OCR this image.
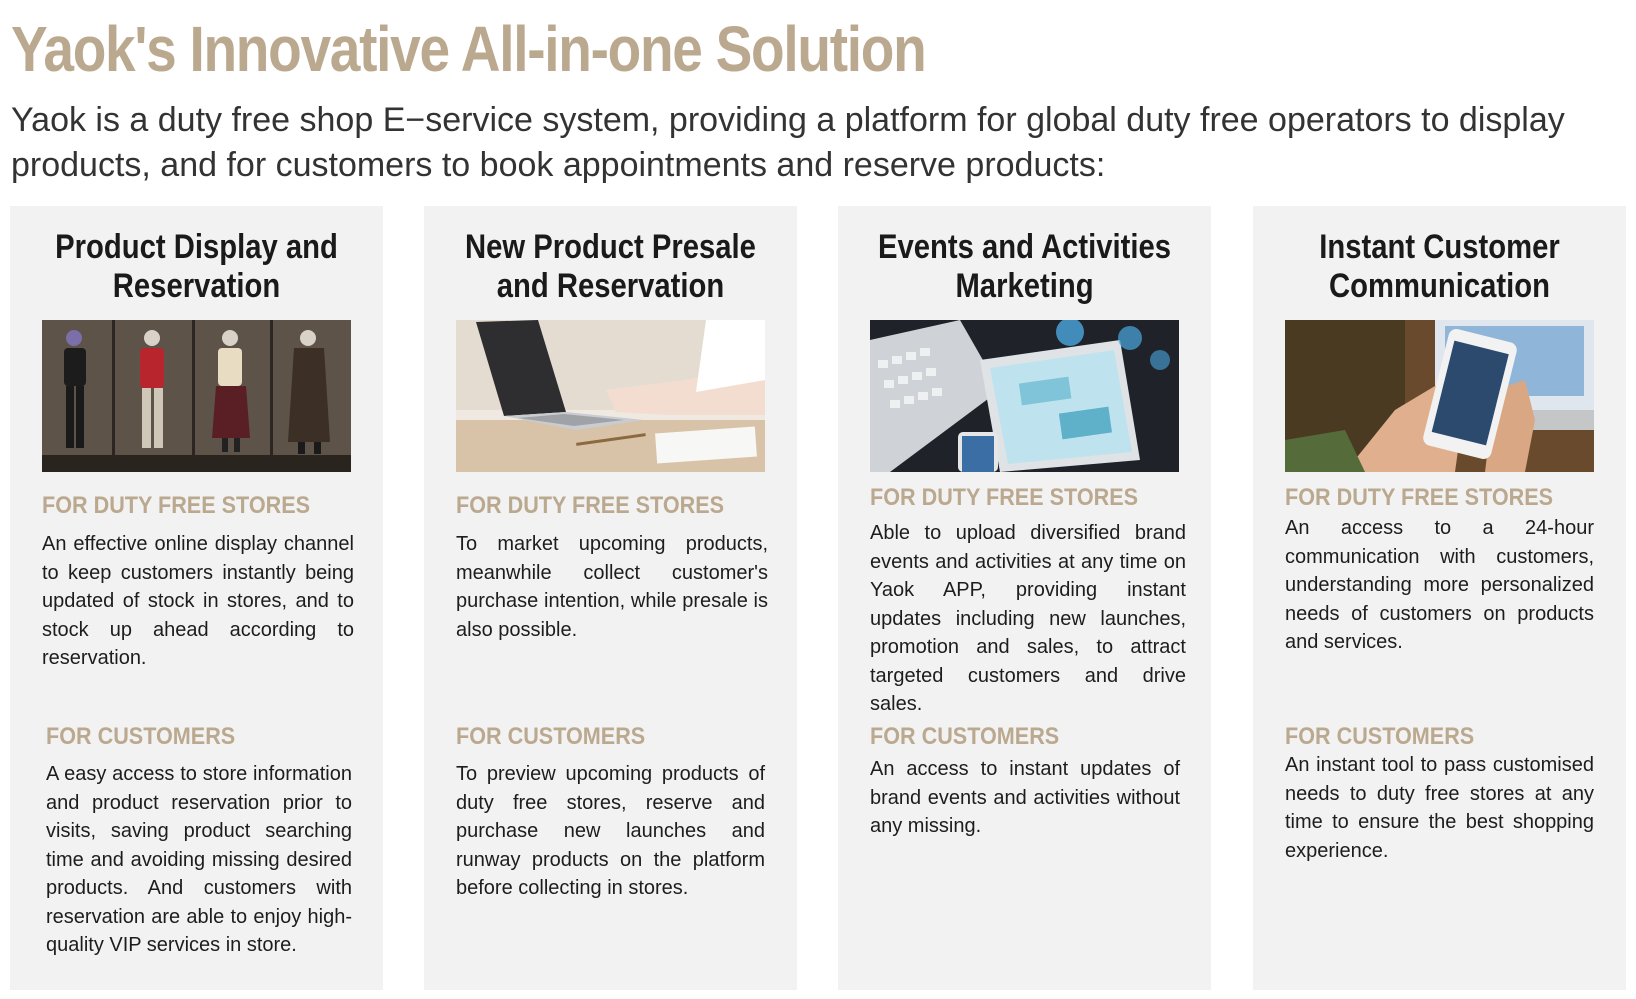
Yaok's Innovative All-in-one Solution

Yaok is a duty free shop E−service system, providing a platform for global duty free operators to display products, and for customers to book appointments and reserve products:

Product Display and Reservation
FOR DUTY FREE STORES

An effective online display channel to keep customers instantly being updated of stock in stores, and to stock up ahead according to reservation.

FOR CUSTOMERS

A easy access to store information and product reservation prior to visits, saving product searching time and avoiding missing desired products. And customers with reservation are able to enjoy high-quality VIP services in store.

New Product Presale and Reservation
FOR DUTY FREE STORES

To market upcoming products, meanwhile collect customer's purchase intention, while presale is also possible.

FOR CUSTOMERS

To preview upcoming products of duty free stores, reserve and purchase new launches and runway products on the platform before collecting in stores.

Events and Activities Marketing
FOR DUTY FREE STORES

Able to upload diversified brand events and activities at any time on Yaok APP, providing instant updates including new launches, promotion and sales, to attract targeted customers and drive sales.

FOR CUSTOMERS

An access to instant updates of brand events and activities without any missing.

Instant Customer Communication
FOR DUTY FREE STORES

An access to a 24-hour communication with customers, understanding more personalized needs of customers on products and services.

FOR CUSTOMERS

An instant tool to pass customised needs to duty free stores at any time to ensure the best shopping experience.
